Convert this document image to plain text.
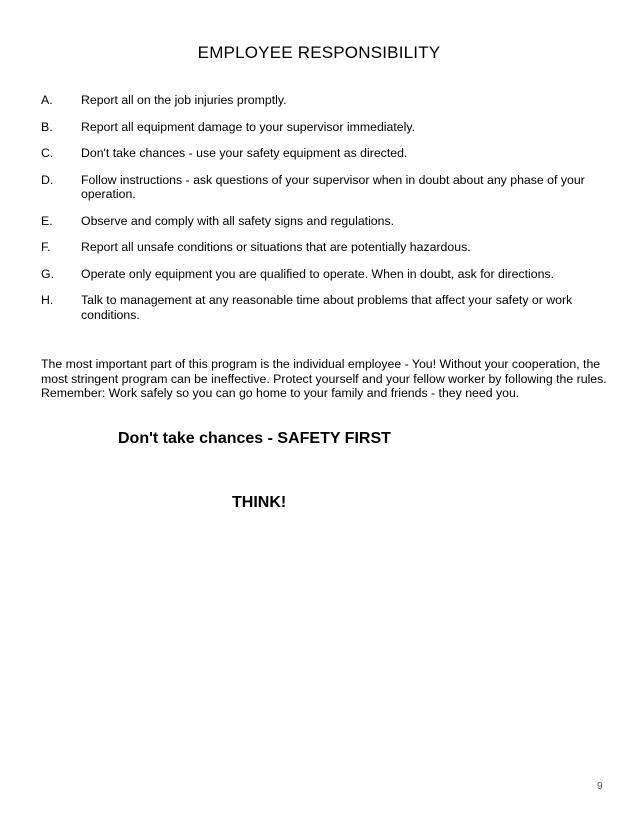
EMPLOYEE RESPONSIBILITY
A.	Report all on the job injuries promptly.
B.	Report all equipment damage to your supervisor immediately.
C.	Don't take chances - use your safety equipment as directed.
D.	Follow instructions - ask questions of your supervisor when in doubt about any phase of your operation.
E.	Observe and comply with all safety signs and regulations.
F.	Report all unsafe conditions or situations that are potentially hazardous.
G.	Operate only equipment you are qualified to operate. When in doubt, ask for directions.
H.	Talk to management at any reasonable time about problems that affect your safety or work conditions.
The most important part of this program is the individual employee - You! Without your cooperation, the most stringent program can be ineffective. Protect yourself and your fellow worker by following the rules. Remember: Work safely so you can go home to your family and friends - they need you.
Don't take chances - SAFETY FIRST
THINK!
9
